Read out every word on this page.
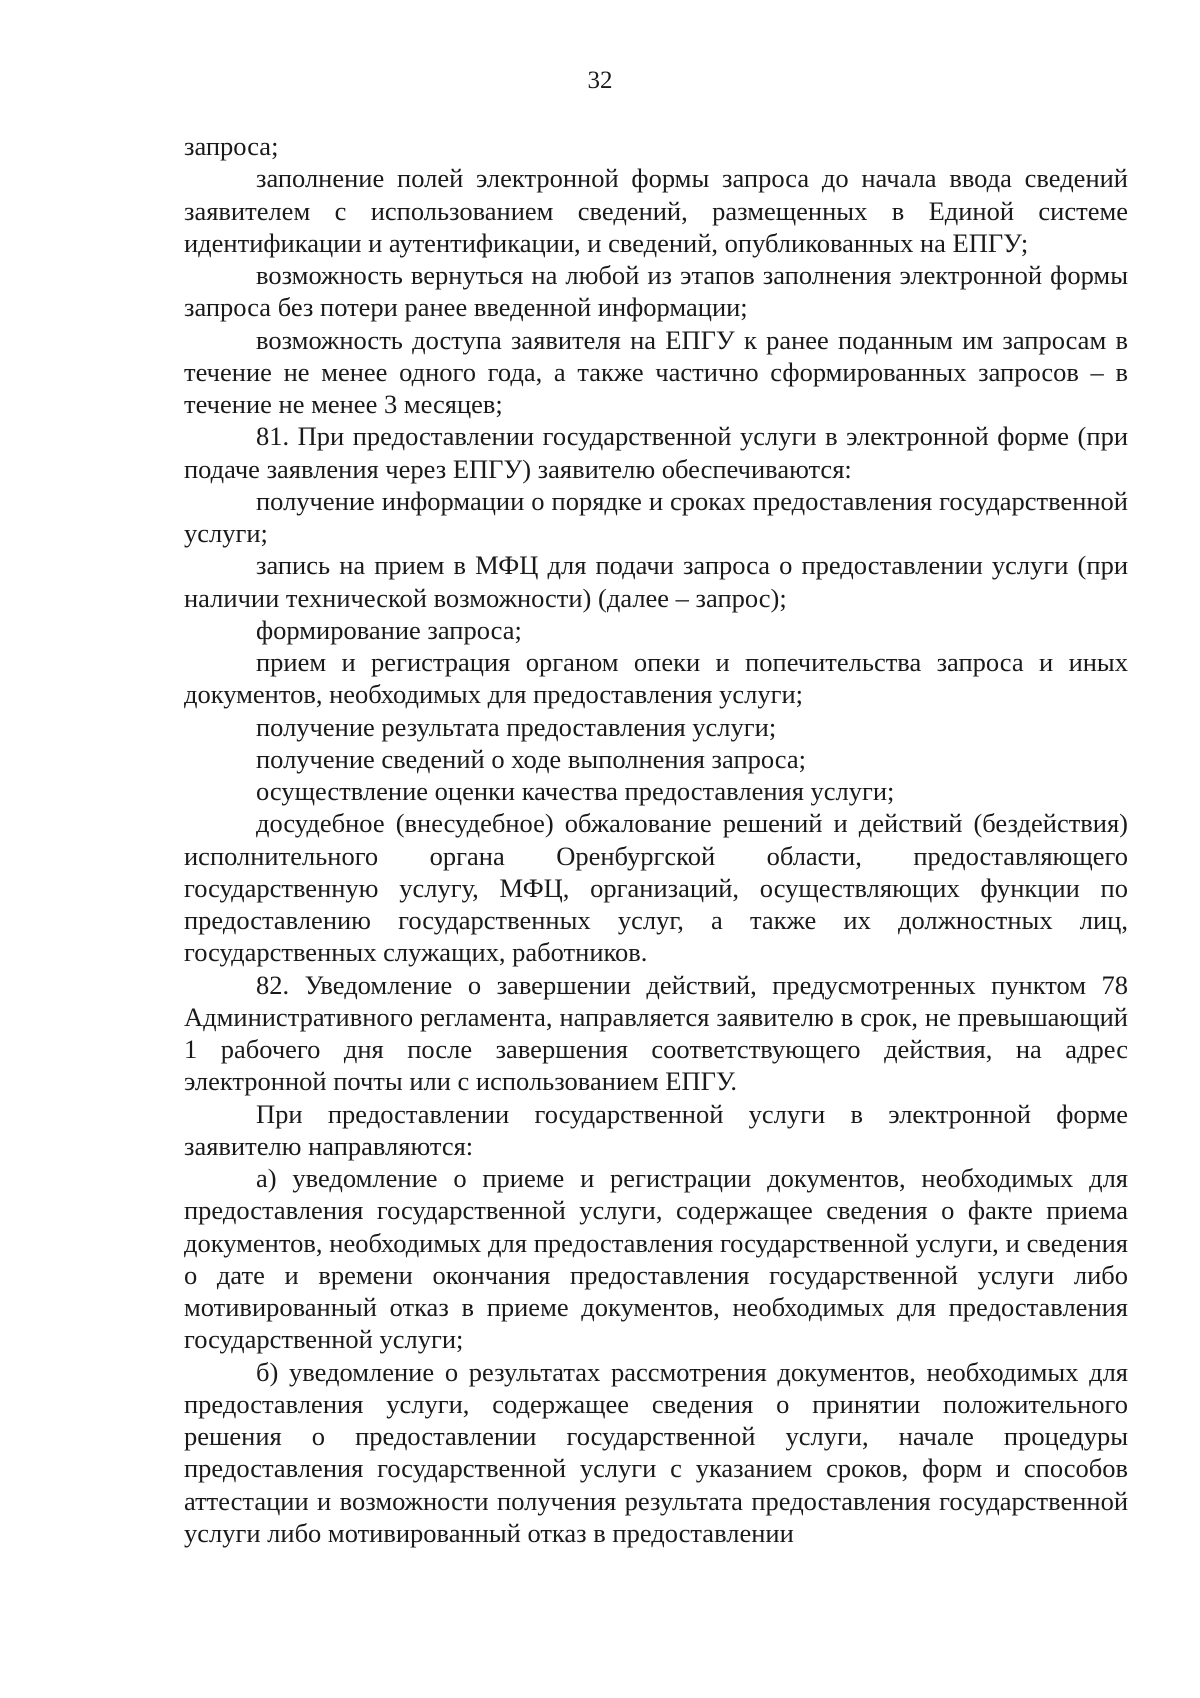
32

запроса;

заполнение полей электронной формы запроса до начала ввода сведений заявителем с использованием сведений, размещенных в Единой системе идентификации и аутентификации, и сведений, опубликованных на ЕПГУ;

возможность вернуться на любой из этапов заполнения электронной формы запроса без потери ранее введенной информации;

возможность доступа заявителя на ЕПГУ к ранее поданным им запросам в течение не менее одного года, а также частично сформированных запросов – в течение не менее 3 месяцев;

81. При предоставлении государственной услуги в электронной форме (при подаче заявления через ЕПГУ) заявителю обеспечиваются:

получение информации о порядке и сроках предоставления государственной услуги;

запись на прием в МФЦ для подачи запроса о предоставлении услуги (при наличии технической возможности) (далее – запрос);

формирование запроса;

прием и регистрация органом опеки и попечительства запроса и иных документов, необходимых для предоставления услуги;

получение результата предоставления услуги;

получение сведений о ходе выполнения запроса;

осуществление оценки качества предоставления услуги;

досудебное (внесудебное) обжалование решений и действий (бездействия) исполнительного органа Оренбургской области, предоставляющего государственную услугу, МФЦ, организаций, осуществляющих функции по предоставлению государственных услуг, а также их должностных лиц, государственных служащих, работников.

82. Уведомление о завершении действий, предусмотренных пунктом 78 Административного регламента, направляется заявителю в срок, не превышающий 1 рабочего дня после завершения соответствующего действия, на адрес электронной почты или с использованием ЕПГУ.

При предоставлении государственной услуги в электронной форме заявителю направляются:

а) уведомление о приеме и регистрации документов, необходимых для предоставления государственной услуги, содержащее сведения о факте приема документов, необходимых для предоставления государственной услуги, и сведения о дате и времени окончания предоставления государственной услуги либо мотивированный отказ в приеме документов, необходимых для предоставления государственной услуги;

б) уведомление о результатах рассмотрения документов, необходимых для предоставления услуги, содержащее сведения о принятии положительного решения о предоставлении государственной услуги, начале процедуры предоставления государственной услуги с указанием сроков, форм и способов аттестации и возможности получения результата предоставления государственной услуги либо мотивированный отказ в предоставлении
